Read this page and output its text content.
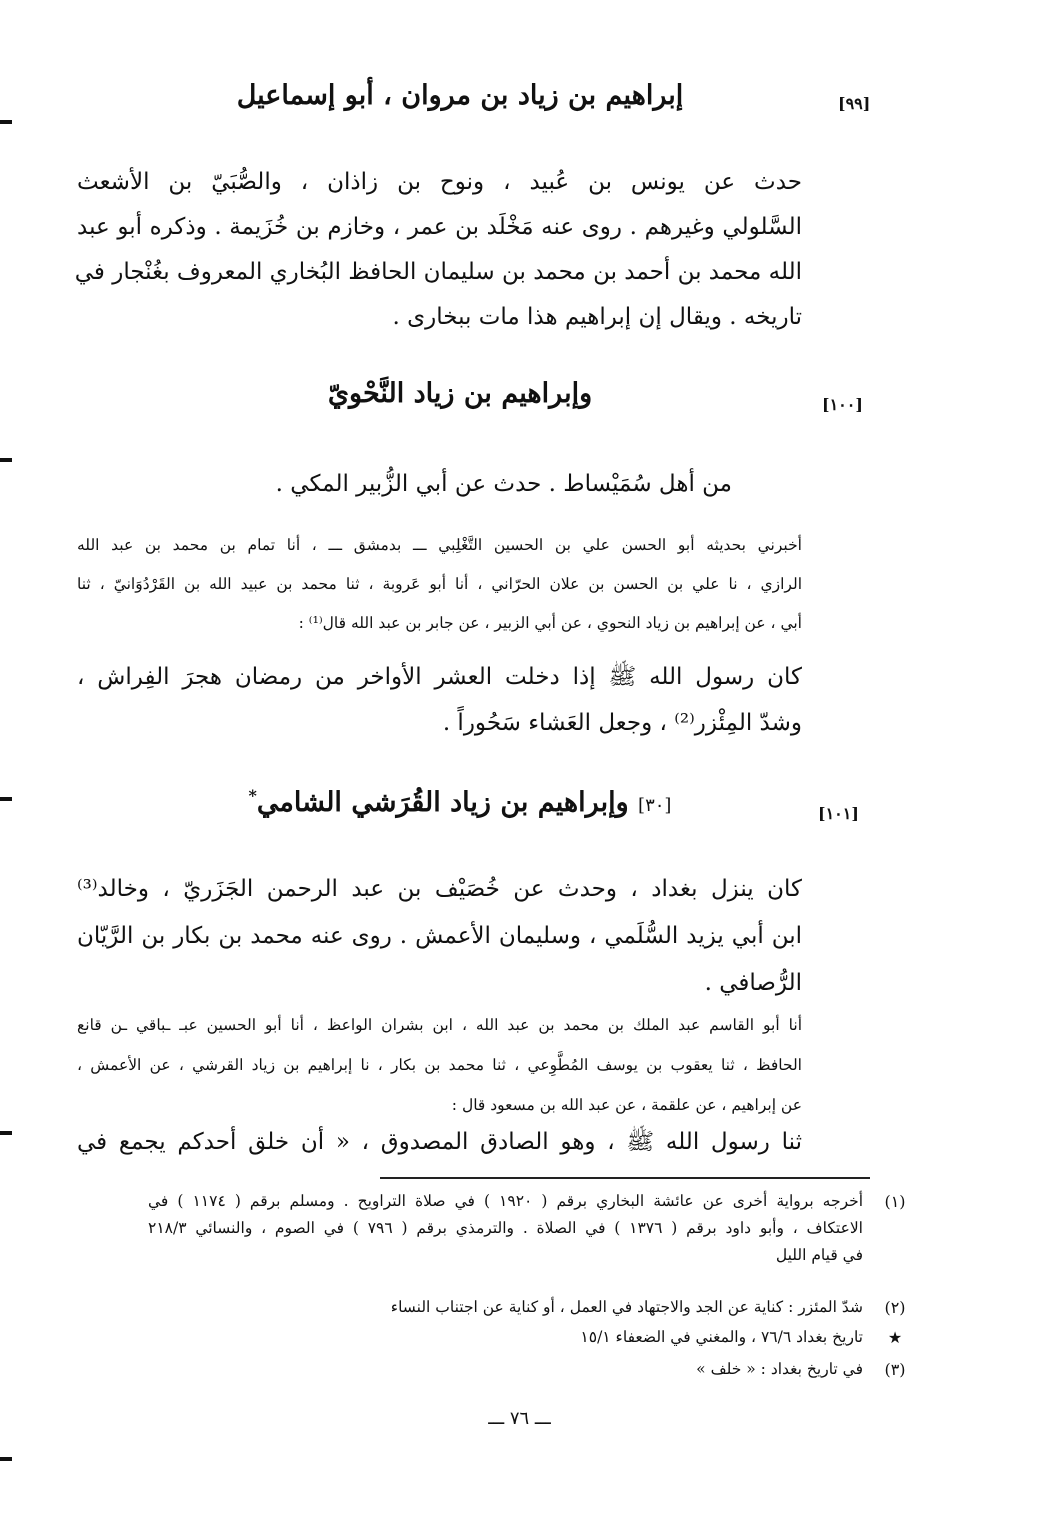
[٩٩]
إبراهيم بن زياد بن مروان ، أبو إسماعيل
حدث عن يونس بن عُبيد ، ونوح بن زاذان ، والصُّبَيّ بن الأشعث
السَّلولي وغيرهم . روى عنه مَخْلَد بن عمر ، وخازم بن خُزَيمة . وذكره أبو عبد
الله محمد بن أحمد بن محمد بن سليمان الحافظ البُخاري المعروف بغُنْجار في
تاريخه . ويقال إن إبراهيم هذا مات ببخارى .
[١٠٠]
وإبراهيم بن زياد النَّحْويّ
من أهل سُمَيْساط . حدث عن أبي الزُّبير المكي .
أخبرني بحديثه أبو الحسن علي بن الحسين التَّغْلِبي ـــ بدمشق ـــ ، أنا تمام بن محمد بن عبد الله
الرازي ، نا علي بن الحسن بن علان الحرّاني ، أنا أبو عَروبة ، ثنا محمد بن عبيد الله بن القَرْدُوَانيّ ، ثنا
أبي ، عن إبراهيم بن زياد النحوي ، عن أبي الزبير ، عن جابر بن عبد الله قال⁽¹⁾ :
كان رسول الله ﷺ إذا دخلت العشر الأواخر من رمضان هجرَ الفِراش ،
وشدّ المِئْزر⁽²⁾ ، وجعل العَشاء سَحُوراً .
[١٠١]
[٣٠] وإبراهيم بن زياد القُرَشي الشامي*
كان ينزل بغداد ، وحدث عن خُصَيْف بن عبد الرحمن الجَزَريّ ، وخالد⁽³⁾
ابن أبي يزيد السُّلَمي ، وسليمان الأعمش . روى عنه محمد بن بكار بن الرَّيّان
الرُّصافي .
أنا أبو القاسم عبد الملك بن محمد بن عبد الله ، ابن بشران الواعظ ، أنا أبو الحسين عبـ ـباقي ـن قانع
الحافظ ، ثنا يعقوب بن يوسف المُطَّوِعي ، ثنا محمد بن بكار ، نا إبراهيم بن زياد القرشي ، عن الأعمش ،
عن إبراهيم ، عن علقمة ، عن عبد الله بن مسعود قال :
ثنا رسول الله ﷺ ، وهو الصادق المصدوق ، « أن خلق أحدكم يجمع في
(١)
أخرجه برواية أخرى عن عائشة البخاري برقم ( ١٩٢٠ ) في صلاة التراويح . ومسلم برقم ( ١١٧٤ ) في
الاعتكاف ، وأبو داود برقم ( ١٣٧٦ ) في الصلاة . والترمذي برقم ( ٧٩٦ ) في الصوم ، والنسائي ٢١٨/٣
في قيام الليل
(٢)
شدّ المئزر : كناية عن الجد والاجتهاد في العمل ، أو كناية عن اجتناب النساء
★
تاريخ بغداد ٧٦/٦ ، والمغني في الضعفاء ١٥/١
(٣)
في تاريخ بغداد : « خلف »
ـــ ٧٦ ـــ
